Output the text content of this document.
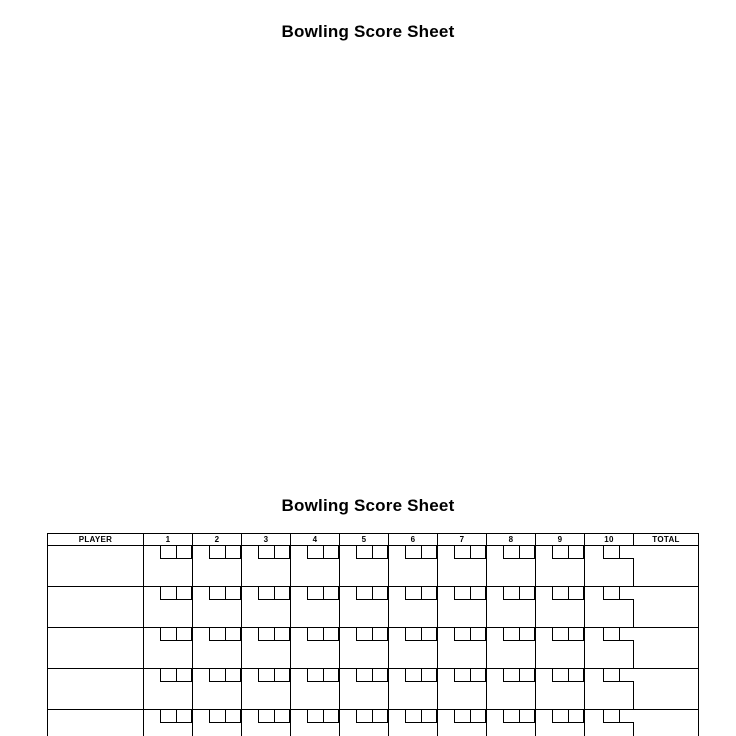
Bowling Score Sheet

Bowling Score Sheet
PLAYER	1	2	3	4	5	6	7	8	9	10	TOTAL
